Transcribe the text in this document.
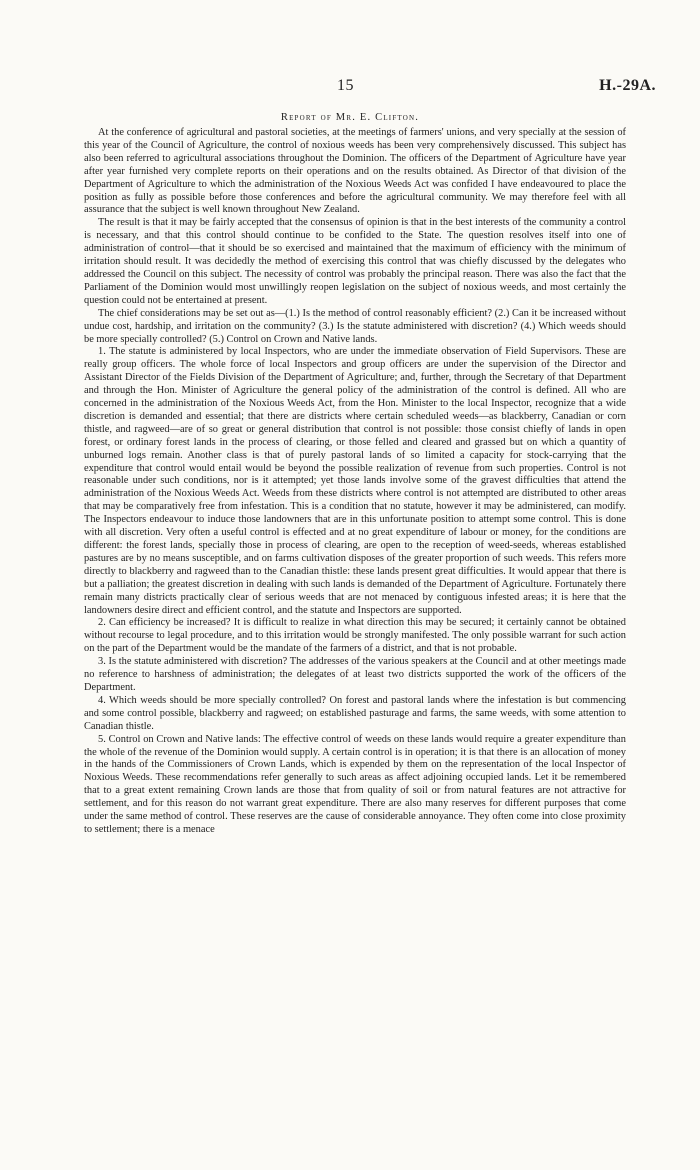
15	H.-29A.
Report of Mr. E. Clifton.

At the conference of agricultural and pastoral societies, at the meetings of farmers' unions, and very specially at the session of this year of the Council of Agriculture, the control of noxious weeds has been very comprehensively discussed. This subject has also been referred to agricultural associations throughout the Dominion. The officers of the Department of Agriculture have year after year furnished very complete reports on their operations and on the results obtained. As Director of that division of the Department of Agriculture to which the administration of the Noxious Weeds Act was confided I have endeavoured to place the position as fully as possible before those conferences and before the agricultural community. We may therefore feel with all assurance that the subject is well known throughout New Zealand.

The result is that it may be fairly accepted that the consensus of opinion is that in the best interests of the community a control is necessary, and that this control should continue to be confided to the State. The question resolves itself into one of administration of control—that it should be so exercised and maintained that the maximum of efficiency with the minimum of irritation should result. It was decidedly the method of exercising this control that was chiefly discussed by the delegates who addressed the Council on this subject. The necessity of control was probably the principal reason. There was also the fact that the Parliament of the Dominion would most unwillingly reopen legislation on the subject of noxious weeds, and most certainly the question could not be entertained at present.

The chief considerations may be set out as—(1.) Is the method of control reasonably efficient? (2.) Can it be increased without undue cost, hardship, and irritation on the community? (3.) Is the statute administered with discretion? (4.) Which weeds should be more specially controlled? (5.) Control on Crown and Native lands.

1. The statute is administered by local Inspectors, who are under the immediate observation of Field Supervisors. These are really group officers. The whole force of local Inspectors and group officers are under the supervision of the Director and Assistant Director of the Fields Division of the Department of Agriculture; and, further, through the Secretary of that Department and through the Hon. Minister of Agriculture the general policy of the administration of the control is defined. All who are concerned in the administration of the Noxious Weeds Act, from the Hon. Minister to the local Inspector, recognize that a wide discretion is demanded and essential; that there are districts where certain scheduled weeds—as blackberry, Canadian or corn thistle, and ragweed—are of so great or general distribution that control is not possible: those consist chiefly of lands in open forest, or ordinary forest lands in the process of clearing, or those felled and cleared and grassed but on which a quantity of unburned logs remain. Another class is that of purely pastoral lands of so limited a capacity for stock-carrying that the expenditure that control would entail would be beyond the possible realization of revenue from such properties. Control is not reasonable under such conditions, nor is it attempted; yet those lands involve some of the gravest difficulties that attend the administration of the Noxious Weeds Act. Weeds from these districts where control is not attempted are distributed to other areas that may be comparatively free from infestation. This is a condition that no statute, however it may be administered, can modify. The Inspectors endeavour to induce those landowners that are in this unfortunate position to attempt some control. This is done with all discretion. Very often a useful control is effected and at no great expenditure of labour or money, for the conditions are different: the forest lands, specially those in process of clearing, are open to the reception of weed-seeds, whereas established pastures are by no means susceptible, and on farms cultivation disposes of the greater proportion of such weeds. This refers more directly to blackberry and ragweed than to the Canadian thistle: these lands present great difficulties. It would appear that there is but a palliation; the greatest discretion in dealing with such lands is demanded of the Department of Agriculture. Fortunately there remain many districts practically clear of serious weeds that are not menaced by contiguous infested areas; it is here that the landowners desire direct and efficient control, and the statute and Inspectors are supported.

2. Can efficiency be increased? It is difficult to realize in what direction this may be secured; it certainly cannot be obtained without recourse to legal procedure, and to this irritation would be strongly manifested. The only possible warrant for such action on the part of the Department would be the mandate of the farmers of a district, and that is not probable.

3. Is the statute administered with discretion? The addresses of the various speakers at the Council and at other meetings made no reference to harshness of administration; the delegates of at least two districts supported the work of the officers of the Department.

4. Which weeds should be more specially controlled? On forest and pastoral lands where the infestation is but commencing and some control possible, blackberry and ragweed; on established pasturage and farms, the same weeds, with some attention to Canadian thistle.

5. Control on Crown and Native lands: The effective control of weeds on these lands would require a greater expenditure than the whole of the revenue of the Dominion would supply. A certain control is in operation; it is that there is an allocation of money in the hands of the Commissioners of Crown Lands, which is expended by them on the representation of the local Inspector of Noxious Weeds. These recommendations refer generally to such areas as affect adjoining occupied lands. Let it be remembered that to a great extent remaining Crown lands are those that from quality of soil or from natural features are not attractive for settlement, and for this reason do not warrant great expenditure. There are also many reserves for different purposes that come under the same method of control. These reserves are the cause of considerable annoyance. They often come into close proximity to settlement; there is a menace
